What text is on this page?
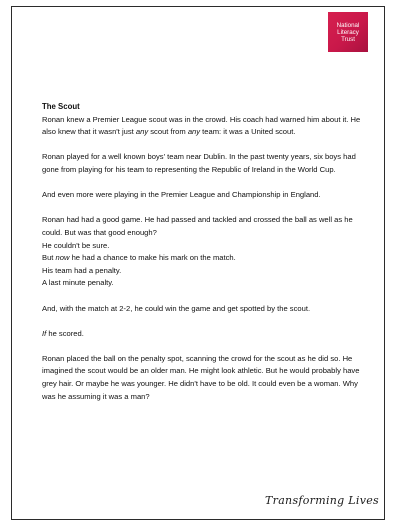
National
Literacy
Trust

The Scout

Ronan knew a Premier League scout was in the crowd. His coach had warned him about it. He also knew that it wasn't just any scout from any team: it was a United scout.

Ronan played for a well known boys' team near Dublin. In the past twenty years, six boys had gone from playing for his team to representing the Republic of Ireland in the World Cup.

And even more were playing in the Premier League and Championship in England.

Ronan had had a good game. He had passed and tackled and crossed the ball as well as he could. But was that good enough?

He couldn't be sure.

But now he had a chance to make his mark on the match.

His team had a penalty.

A last minute penalty.

And, with the match at 2-2, he could win the game and get spotted by the scout.

If he scored.

Ronan placed the ball on the penalty spot, scanning the crowd for the scout as he did so. He imagined the scout would be an older man. He might look athletic. But he would probably have grey hair. Or maybe he was younger. He didn't have to be old. It could even be a woman. Why was he assuming it was a man?

Transforming Lives
